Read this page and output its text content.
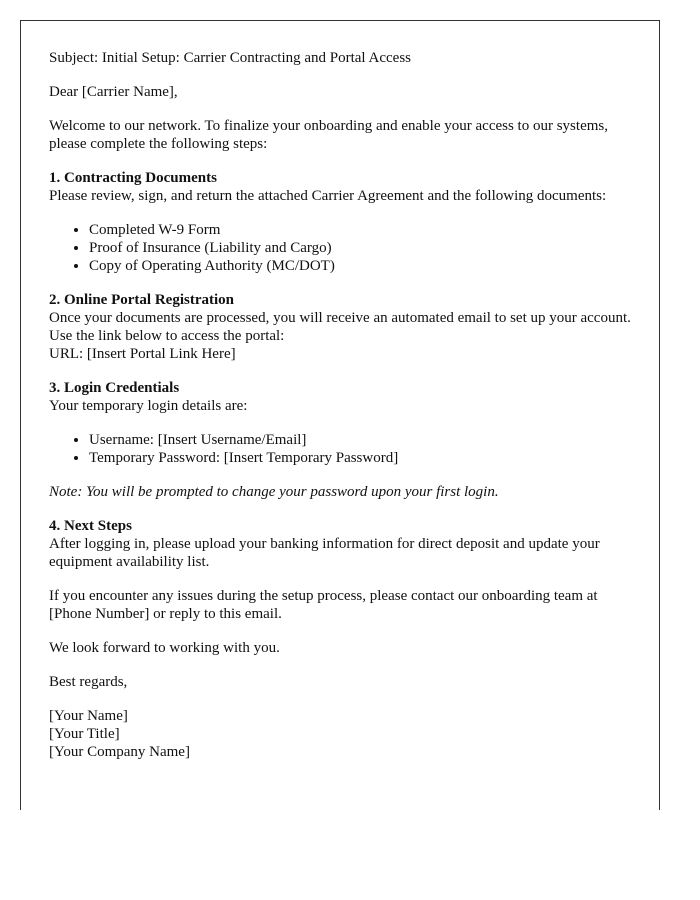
Subject: Initial Setup: Carrier Contracting and Portal Access

Dear [Carrier Name],

Welcome to our network. To finalize your onboarding and enable your access to our systems, please complete the following steps:

1. Contracting Documents

Please review, sign, and return the attached Carrier Agreement and the following documents:

• Completed W-9 Form
• Proof of Insurance (Liability and Cargo)
• Copy of Operating Authority (MC/DOT)
2. Online Portal Registration
Once your documents are processed, you will receive an automated email to set up your account. Use the link below to access the portal:

URL: [Insert Portal Link Here]

3. Login Credentials

Your temporary login details are:

• Username: [Insert Username/Email]
• Temporary Password: [Insert Temporary Password]

Note: You will be prompted to change your password upon your first login.

4. Next Steps

After logging in, please upload your banking information for direct deposit and update your equipment availability list.

If you encounter any issues during the setup process, please contact our onboarding team at [Phone Number] or reply to this email.

We look forward to working with you.

Best regards,

[Your Name]
[Your Title]
[Your Company Name]
